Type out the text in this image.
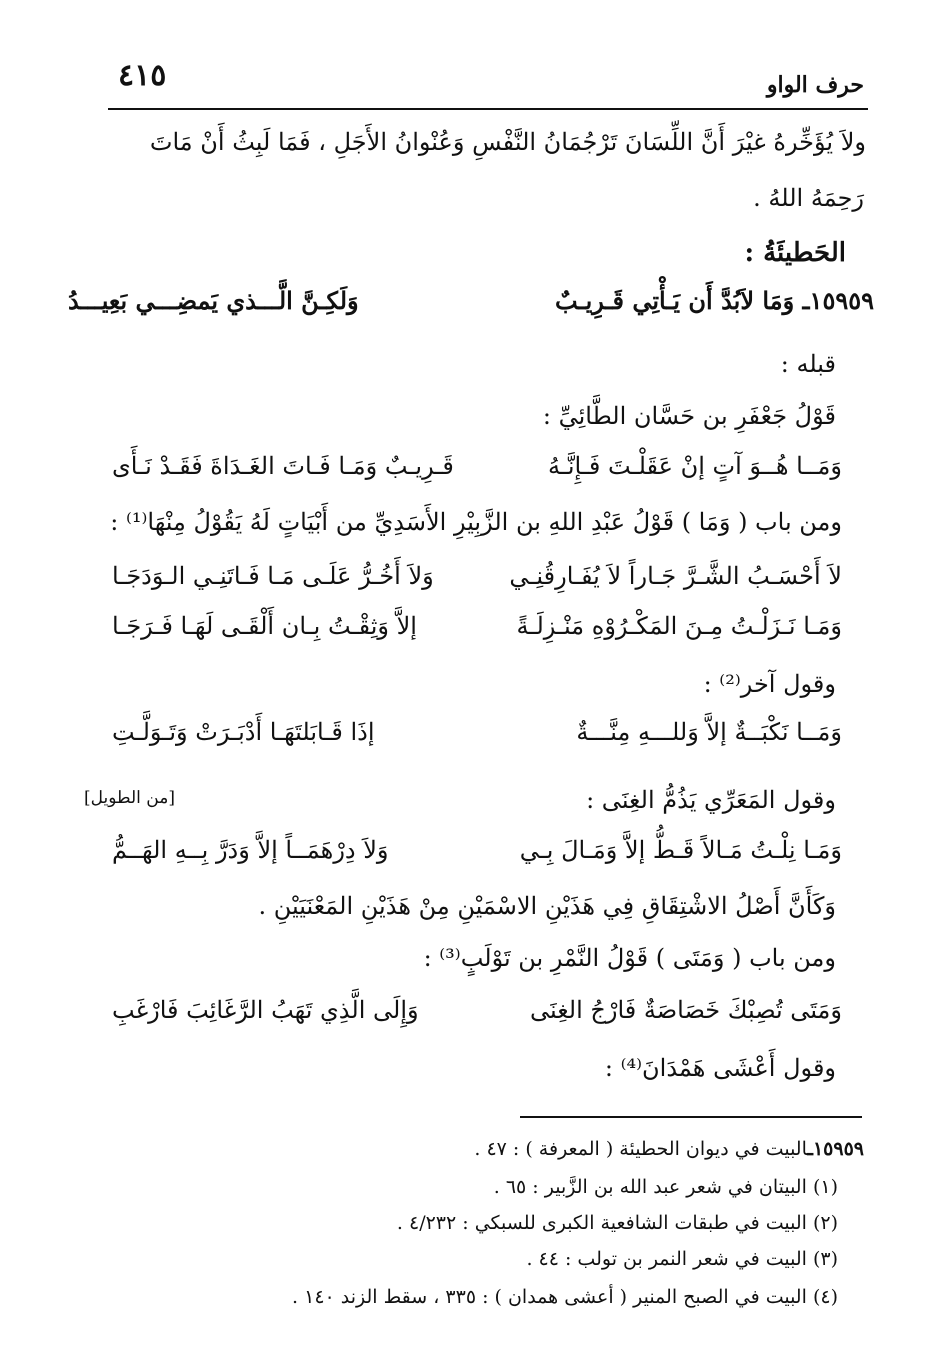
٤١٥	حرف الواو
ولاَ يُؤَخِّرهُ غيْرَ أَنَّ اللِّسَانَ تَرْجُمَانُ النَّفْسِ وَعُنْوانُ الأَجَلِ ، فَمَا لَبِثُ أَنْ مَاتَ
رَحِمَهُ اللهُ .
الحَطيئَةُ :
١٥٩٥٩ـ وَمَا لاَبُدَّ أَن يَـأْتِي قَـرِيـبٌ
وَلَكِـنَّ الَّـــذي يَمضِـــي بَعِيـــدُ
قبله :
قَوْلُ جَعْفَرِ بن حَسَّان الطَّائِيِّ :
وَمَــا هُــوَ آتٍ إنْ عَقَلْـتَ فَـإِنَّـهُ
قَـرِيـبٌ وَمَـا فَـاتَ الغَـدَاةَ فَقَـدْ نَـأَى
ومن باب ( وَمَا ) قَوْلُ عَبْدِ اللهِ بن الزَّبِيْرِ الأَسَدِيِّ من أَبْيَاتٍ لَهُ يَقُوْلُ مِنْهَا⁽¹⁾ :
لاَ أَحْسَـبُ الشَّـرَّ جَـاراً لاَ يُفَـارِقُنِـي
وَلاَ أَخُـرُّ عَلَـى مَـا فَـاتَنِـي الـوَدَجَـا
وَمَـا نَـزَلْـتُ مِـنَ المَكْـرُوْهِ مَنْـزِلَـةً
إلاَّ وَثِقْـتُ بِـان أَلْقَـى لَهَـا فَـرَجَـا
وقول آخر⁽²⁾ :
وَمَــا نَكْبَــةٌ إلاَّ وَللـــهِ مِنَّـــةٌ
إذَا قَـابَلتَهَـا أَدْبَـرَتْ وَتَـوَلَّـتِ
وقول المَعَرِّي يَذُمُّ الغِنَى :
[من الطويل]
وَمَـا نِلْـتُ مَـالاً قَـطُّ إلاَّ وَمَـالَ بِـي
وَلاَ دِرْهَمَــاً إلاَّ وَدَرَّ بِــهِ الهَــمُّ
وَكَأَنَّ أَصْلُ الاشْتِقَاقِ فِي هَذَيْنِ الاسْمَيْنِ مِنْ هَذَيْنِ المَعْنَيَيْنِ .
ومن باب ( وَمَتَى ) قَوْلُ النَّمْرِ بن تَوْلَبٍ⁽³⁾ :
وَمَتَى تُصِبْكَ خَصَاصَةٌ فَارْجُ الغِنَى
وَإِلَى الَّذِي تَهَبُ الرَّغَائِبَ فَارْغَبِ
وقول أَعْشَى هَمْدَانَ⁽⁴⁾ :
١٥٩٥٩ـالبيت في ديوان الحطيئة ( المعرفة ) : ٤٧ .
(١) البيتان في شعر عبد الله بن الزَّبير : ٦٥ .
(٢) البيت في طبقات الشافعية الكبرى للسبكي : ٤/٢٣٢ .
(٣) البيت في شعر النمر بن تولب : ٤٤ .
(٤) البيت في الصبح المنير ( أعشى همدان ) : ٣٣٥ ، سقط الزند ١٤٠ .
